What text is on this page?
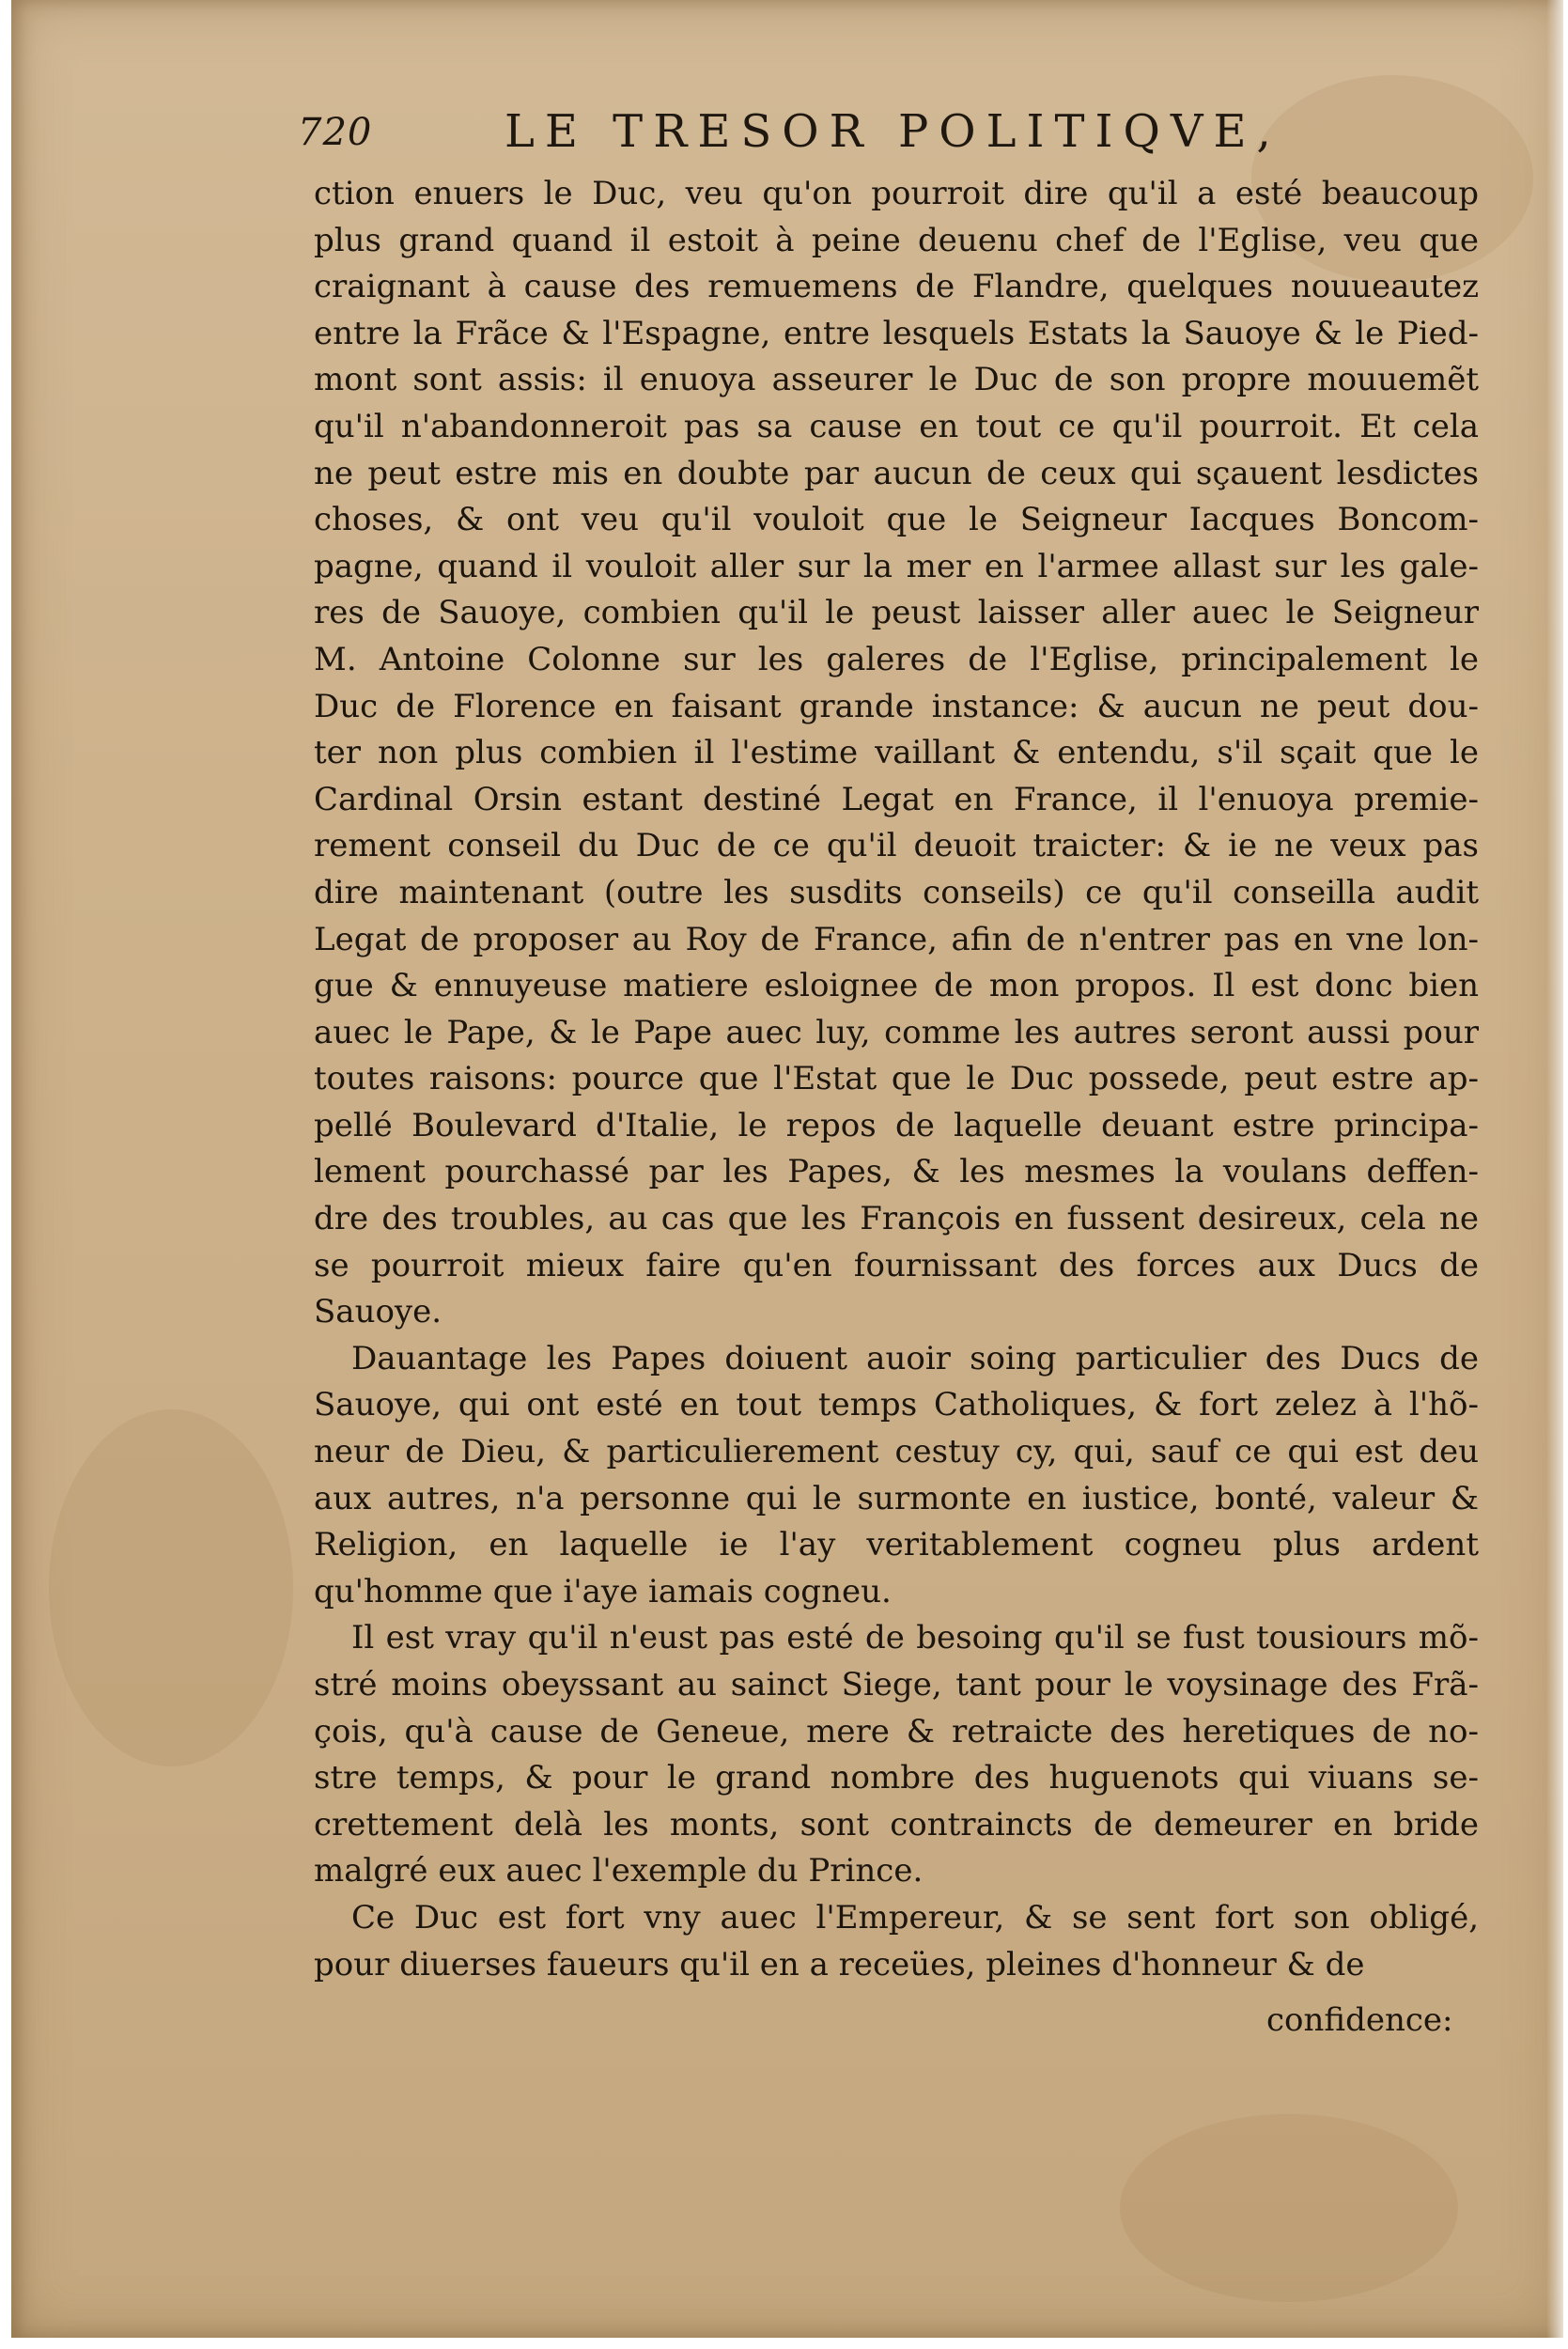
720	LE TRESOR POLITIQVE,
ction enuers le Duc, veu qu'on pourroit dire qu'il a esté beaucoup
plus grand quand il estoit à peine deuenu chef de l'Eglise, veu que
craignant à cause des remuemens de Flandre, quelques nouueautez
entre la Frãce & l'Espagne, entre lesquels Estats la Sauoye & le Pied-
mont sont assis: il enuoya asseurer le Duc de son propre mouuemẽt
qu'il n'abandonneroit pas sa cause en tout ce qu'il pourroit. Et cela
ne peut estre mis en doubte par aucun de ceux qui sçauent lesdictes
choses, & ont veu qu'il vouloit que le Seigneur Iacques Boncom-
pagne, quand il vouloit aller sur la mer en l'armee allast sur les gale-
res de Sauoye, combien qu'il le peust laisser aller auec le Seigneur
M. Antoine Colonne sur les galeres de l'Eglise, principalement le
Duc de Florence en faisant grande instance: & aucun ne peut dou-
ter non plus combien il l'estime vaillant & entendu, s'il sçait que le
Cardinal Orsin estant destiné Legat en France, il l'enuoya premie-
rement conseil du Duc de ce qu'il deuoit traicter: & ie ne veux pas
dire maintenant (outre les susdits conseils) ce qu'il conseilla audit
Legat de proposer au Roy de France, afin de n'entrer pas en vne lon-
gue & ennuyeuse matiere esloignee de mon propos. Il est donc bien
auec le Pape, & le Pape auec luy, comme les autres seront aussi pour
toutes raisons: pource que l'Estat que le Duc possede, peut estre ap-
pellé Boulevard d'Italie, le repos de laquelle deuant estre principa-
lement pourchassé par les Papes, & les mesmes la voulans deffen-
dre des troubles, au cas que les François en fussent desireux, cela ne
se pourroit mieux faire qu'en fournissant des forces aux Ducs de
Sauoye.
Dauantage les Papes doiuent auoir soing particulier des Ducs de
Sauoye, qui ont esté en tout temps Catholiques, & fort zelez à l'hõ-
neur de Dieu, & particulierement cestuy cy, qui, sauf ce qui est deu
aux autres, n'a personne qui le surmonte en iustice, bonté, valeur &
Religion, en laquelle ie l'ay veritablement cogneu plus ardent
qu'homme que i'aye iamais cogneu.
Il est vray qu'il n'eust pas esté de besoing qu'il se fust tousiours mõ-
stré moins obeyssant au sainct Siege, tant pour le voysinage des Frã-
çois, qu'à cause de Geneue, mere & retraicte des heretiques de no-
stre temps, & pour le grand nombre des huguenots qui viuans se-
crettement delà les monts, sont contraincts de demeurer en bride
malgré eux auec l'exemple du Prince.
Ce Duc est fort vny auec l'Empereur, & se sent fort son obligé,
pour diuerses faueurs qu'il en a receües, pleines d'honneur & de
confidence:
